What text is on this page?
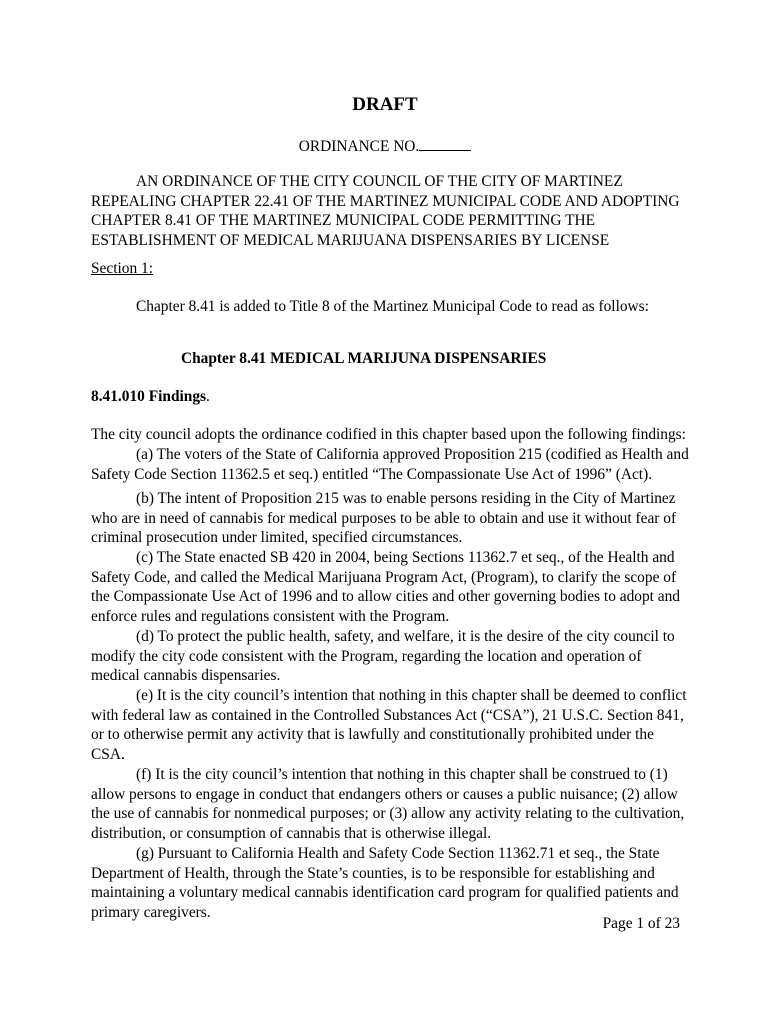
DRAFT
ORDINANCE NO.

AN ORDINANCE OF THE CITY COUNCIL OF THE CITY OF MARTINEZ REPEALING CHAPTER 22.41 OF THE MARTINEZ MUNICIPAL CODE AND ADOPTING CHAPTER 8.41 OF THE MARTINEZ MUNICIPAL CODE PERMITTING THE ESTABLISHMENT OF MEDICAL MARIJUANA DISPENSARIES BY LICENSE

Section 1:

Chapter 8.41 is added to Title 8 of the Martinez Municipal Code to read as follows:

Chapter 8.41 MEDICAL MARIJUNA DISPENSARIES

8.41.010 Findings.

The city council adopts the ordinance codified in this chapter based upon the following findings:

(a) The voters of the State of California approved Proposition 215 (codified as Health and Safety Code Section 11362.5 et seq.) entitled “The Compassionate Use Act of 1996” (Act).

(b) The intent of Proposition 215 was to enable persons residing in the City of Martinez who are in need of cannabis for medical purposes to be able to obtain and use it without fear of criminal prosecution under limited, specified circumstances.

(c) The State enacted SB 420 in 2004, being Sections 11362.7 et seq., of the Health and Safety Code, and called the Medical Marijuana Program Act, (Program), to clarify the scope of the Compassionate Use Act of 1996 and to allow cities and other governing bodies to adopt and enforce rules and regulations consistent with the Program.

(d) To protect the public health, safety, and welfare, it is the desire of the city council to modify the city code consistent with the Program, regarding the location and operation of medical cannabis dispensaries.

(e) It is the city council’s intention that nothing in this chapter shall be deemed to conflict with federal law as contained in the Controlled Substances Act (“CSA”), 21 U.S.C. Section 841, or to otherwise permit any activity that is lawfully and constitutionally prohibited under the CSA.

(f) It is the city council’s intention that nothing in this chapter shall be construed to (1) allow persons to engage in conduct that endangers others or causes a public nuisance; (2) allow the use of cannabis for nonmedical purposes; or (3) allow any activity relating to the cultivation, distribution, or consumption of cannabis that is otherwise illegal.

(g) Pursuant to California Health and Safety Code Section 11362.71 et seq., the State Department of Health, through the State’s counties, is to be responsible for establishing and maintaining a voluntary medical cannabis identification card program for qualified patients and primary caregivers.

Page 1 of 23
